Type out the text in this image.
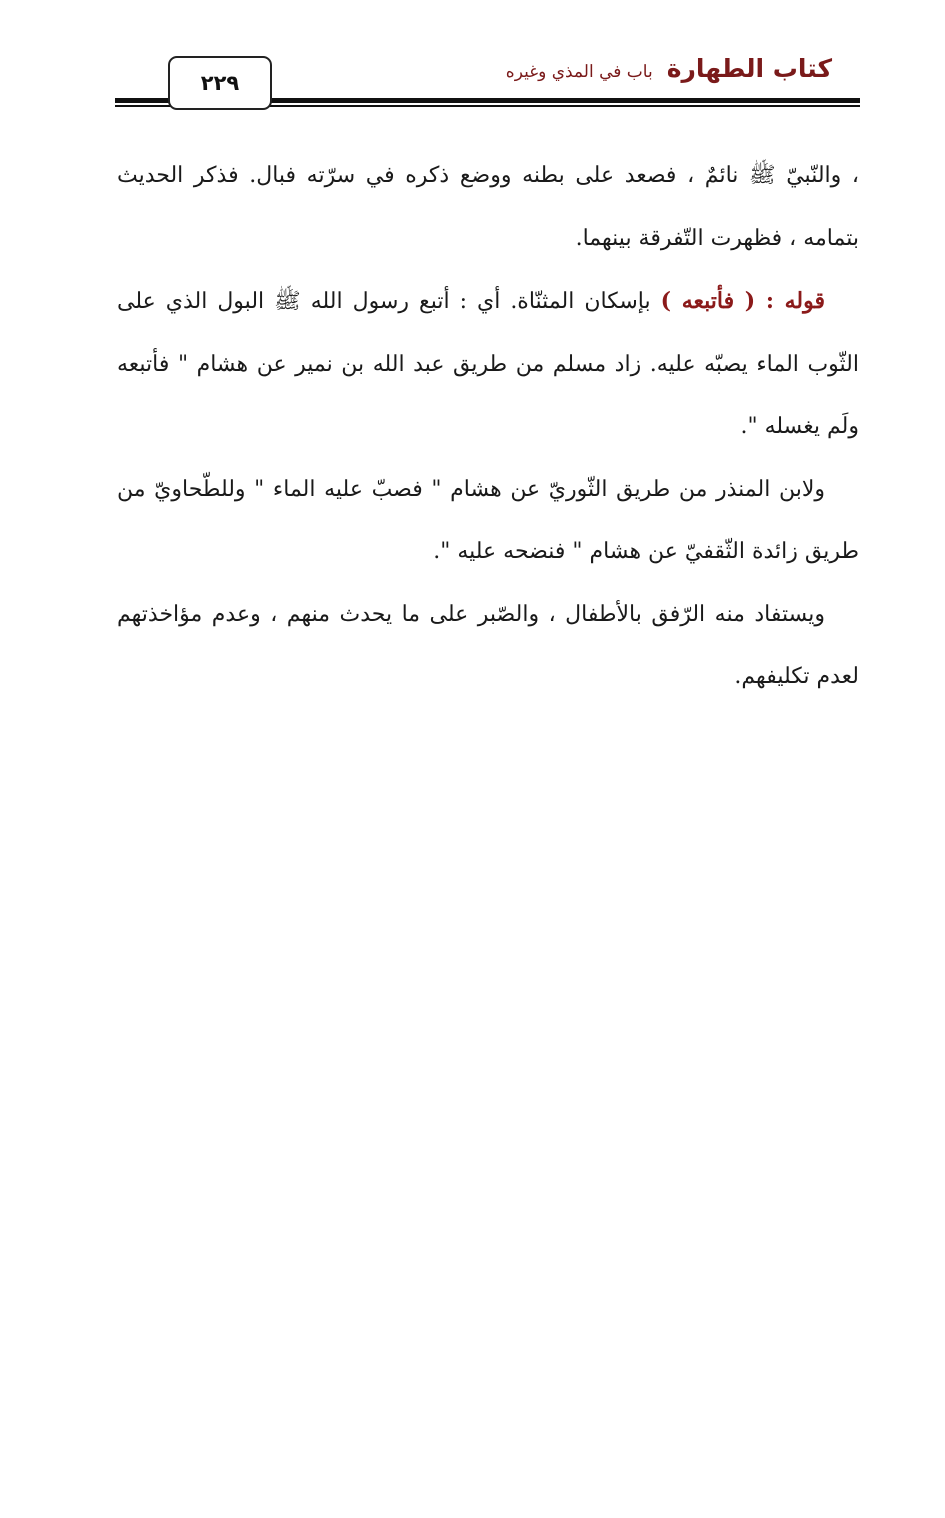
٢٢٩	كتاب الطهارة
باب في المذي وغيره

، والنّبيّ ﷺ نائمٌ ، فصعد على بطنه ووضع ذكره في سرّته فبال. فذكر الحديث بتمامه ، فظهرت التّفرقة بينهما.

قوله : ( فأتبعه ) بإسكان المثنّاة. أي : أتبع رسول الله ﷺ البول الذي على الثّوب الماء يصبّه عليه. زاد مسلم من طريق عبد الله بن نمير عن هشام " فأتبعه ولَم يغسله ".

ولابن المنذر من طريق الثّوريّ عن هشام " فصبّ عليه الماء " وللطّحاويّ من طريق زائدة الثّقفيّ عن هشام " فنضحه عليه ".

ويستفاد منه الرّفق بالأطفال ، والصّبر على ما يحدث منهم ، وعدم مؤاخذتهم لعدم تكليفهم.
